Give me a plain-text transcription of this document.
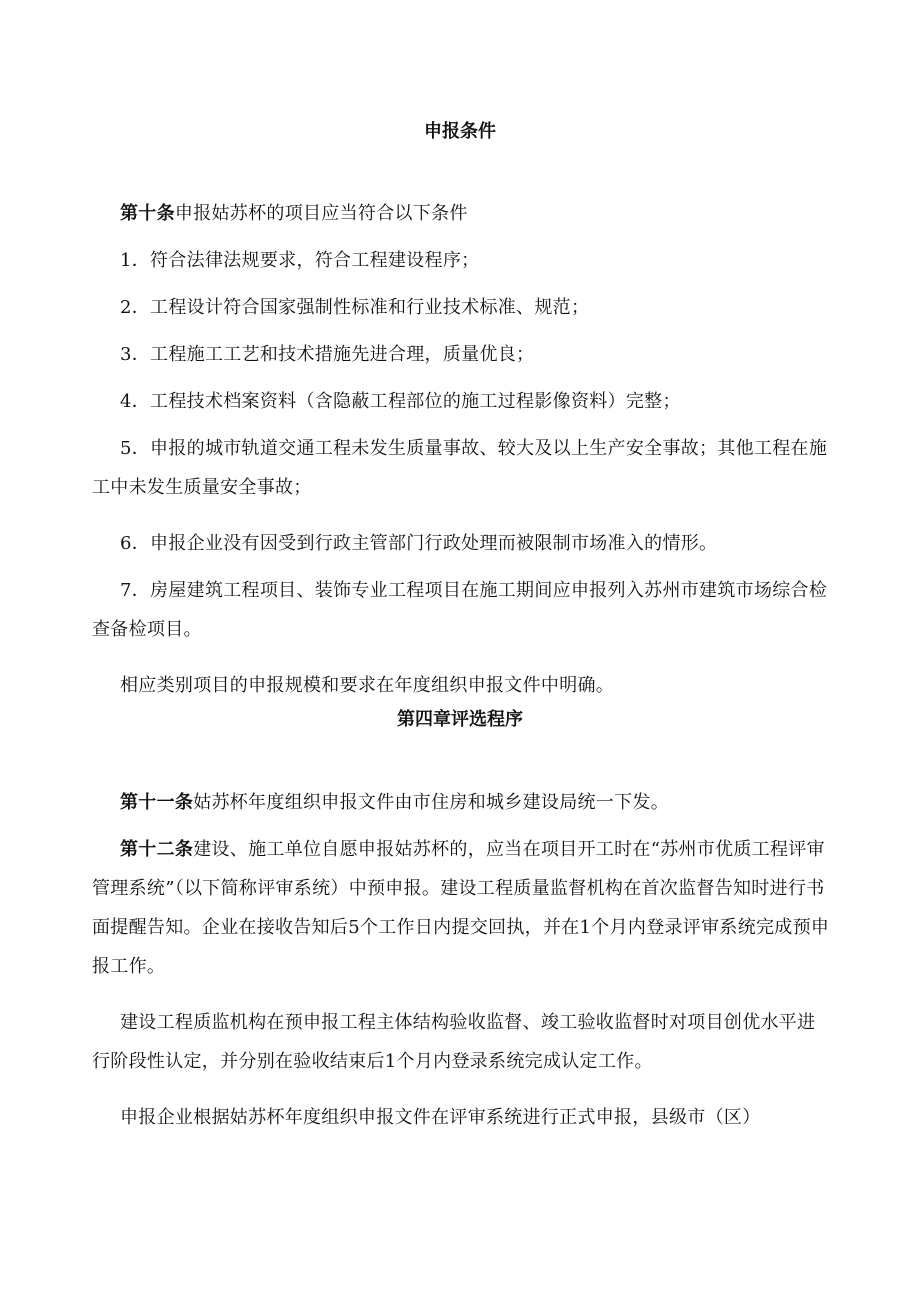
申报条件

第十条申报姑苏杯的项目应当符合以下条件

1．符合法律法规要求，符合工程建设程序；

2．工程设计符合国家强制性标准和行业技术标准、规范；

3．工程施工工艺和技术措施先进合理，质量优良；

4．工程技术档案资料（含隐蔽工程部位的施工过程影像资料）完整；

5．申报的城市轨道交通工程未发生质量事故、较大及以上生产安全事故；其他工程在施工中未发生质量安全事故；

6．申报企业没有因受到行政主管部门行政处理而被限制市场准入的情形。

7．房屋建筑工程项目、装饰专业工程项目在施工期间应申报列入苏州市建筑市场综合检查备检项目。

相应类别项目的申报规模和要求在年度组织申报文件中明确。

第四章评选程序

第十一条姑苏杯年度组织申报文件由市住房和城乡建设局统一下发。

第十二条建设、施工单位自愿申报姑苏杯的，应当在项目开工时在“苏州市优质工程评审管理系统”（以下简称评审系统）中预申报。建设工程质量监督机构在首次监督告知时进行书面提醒告知。企业在接收告知后5个工作日内提交回执，并在1个月内登录评审系统完成预申报工作。

建设工程质监机构在预申报工程主体结构验收监督、竣工验收监督时对项目创优水平进行阶段性认定，并分别在验收结束后1个月内登录系统完成认定工作。

申报企业根据姑苏杯年度组织申报文件在评审系统进行正式申报，县级市（区）
